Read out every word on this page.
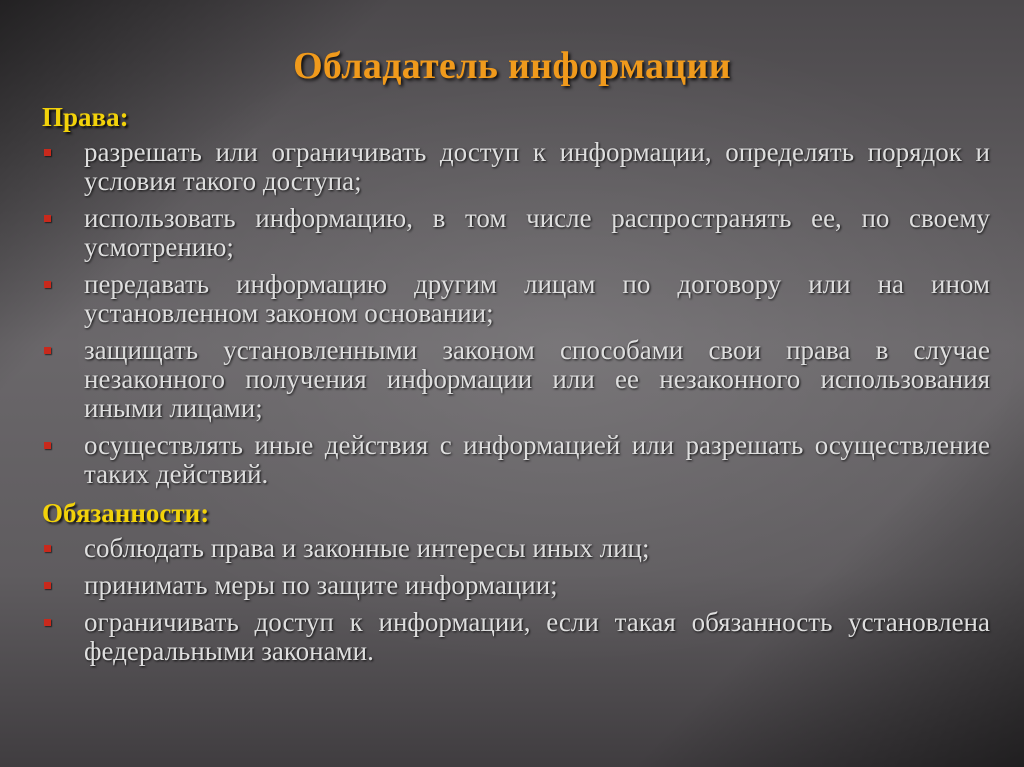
Обладатель информации
Права:
разрешать или ограничивать доступ к информации, определять порядок и условия такого доступа;
использовать информацию, в том числе распространять ее, по своему усмотрению;
передавать информацию другим лицам по договору или на ином установленном законом основании;
защищать установленными законом способами свои права в случае незаконного получения информации или ее незаконного использования иными лицами;
осуществлять иные действия с информацией или разрешать осуществление таких действий.
Обязанности:
соблюдать права и законные интересы иных лиц;
принимать меры по защите информации;
ограничивать доступ к информации, если такая обязанность установлена федеральными законами.
